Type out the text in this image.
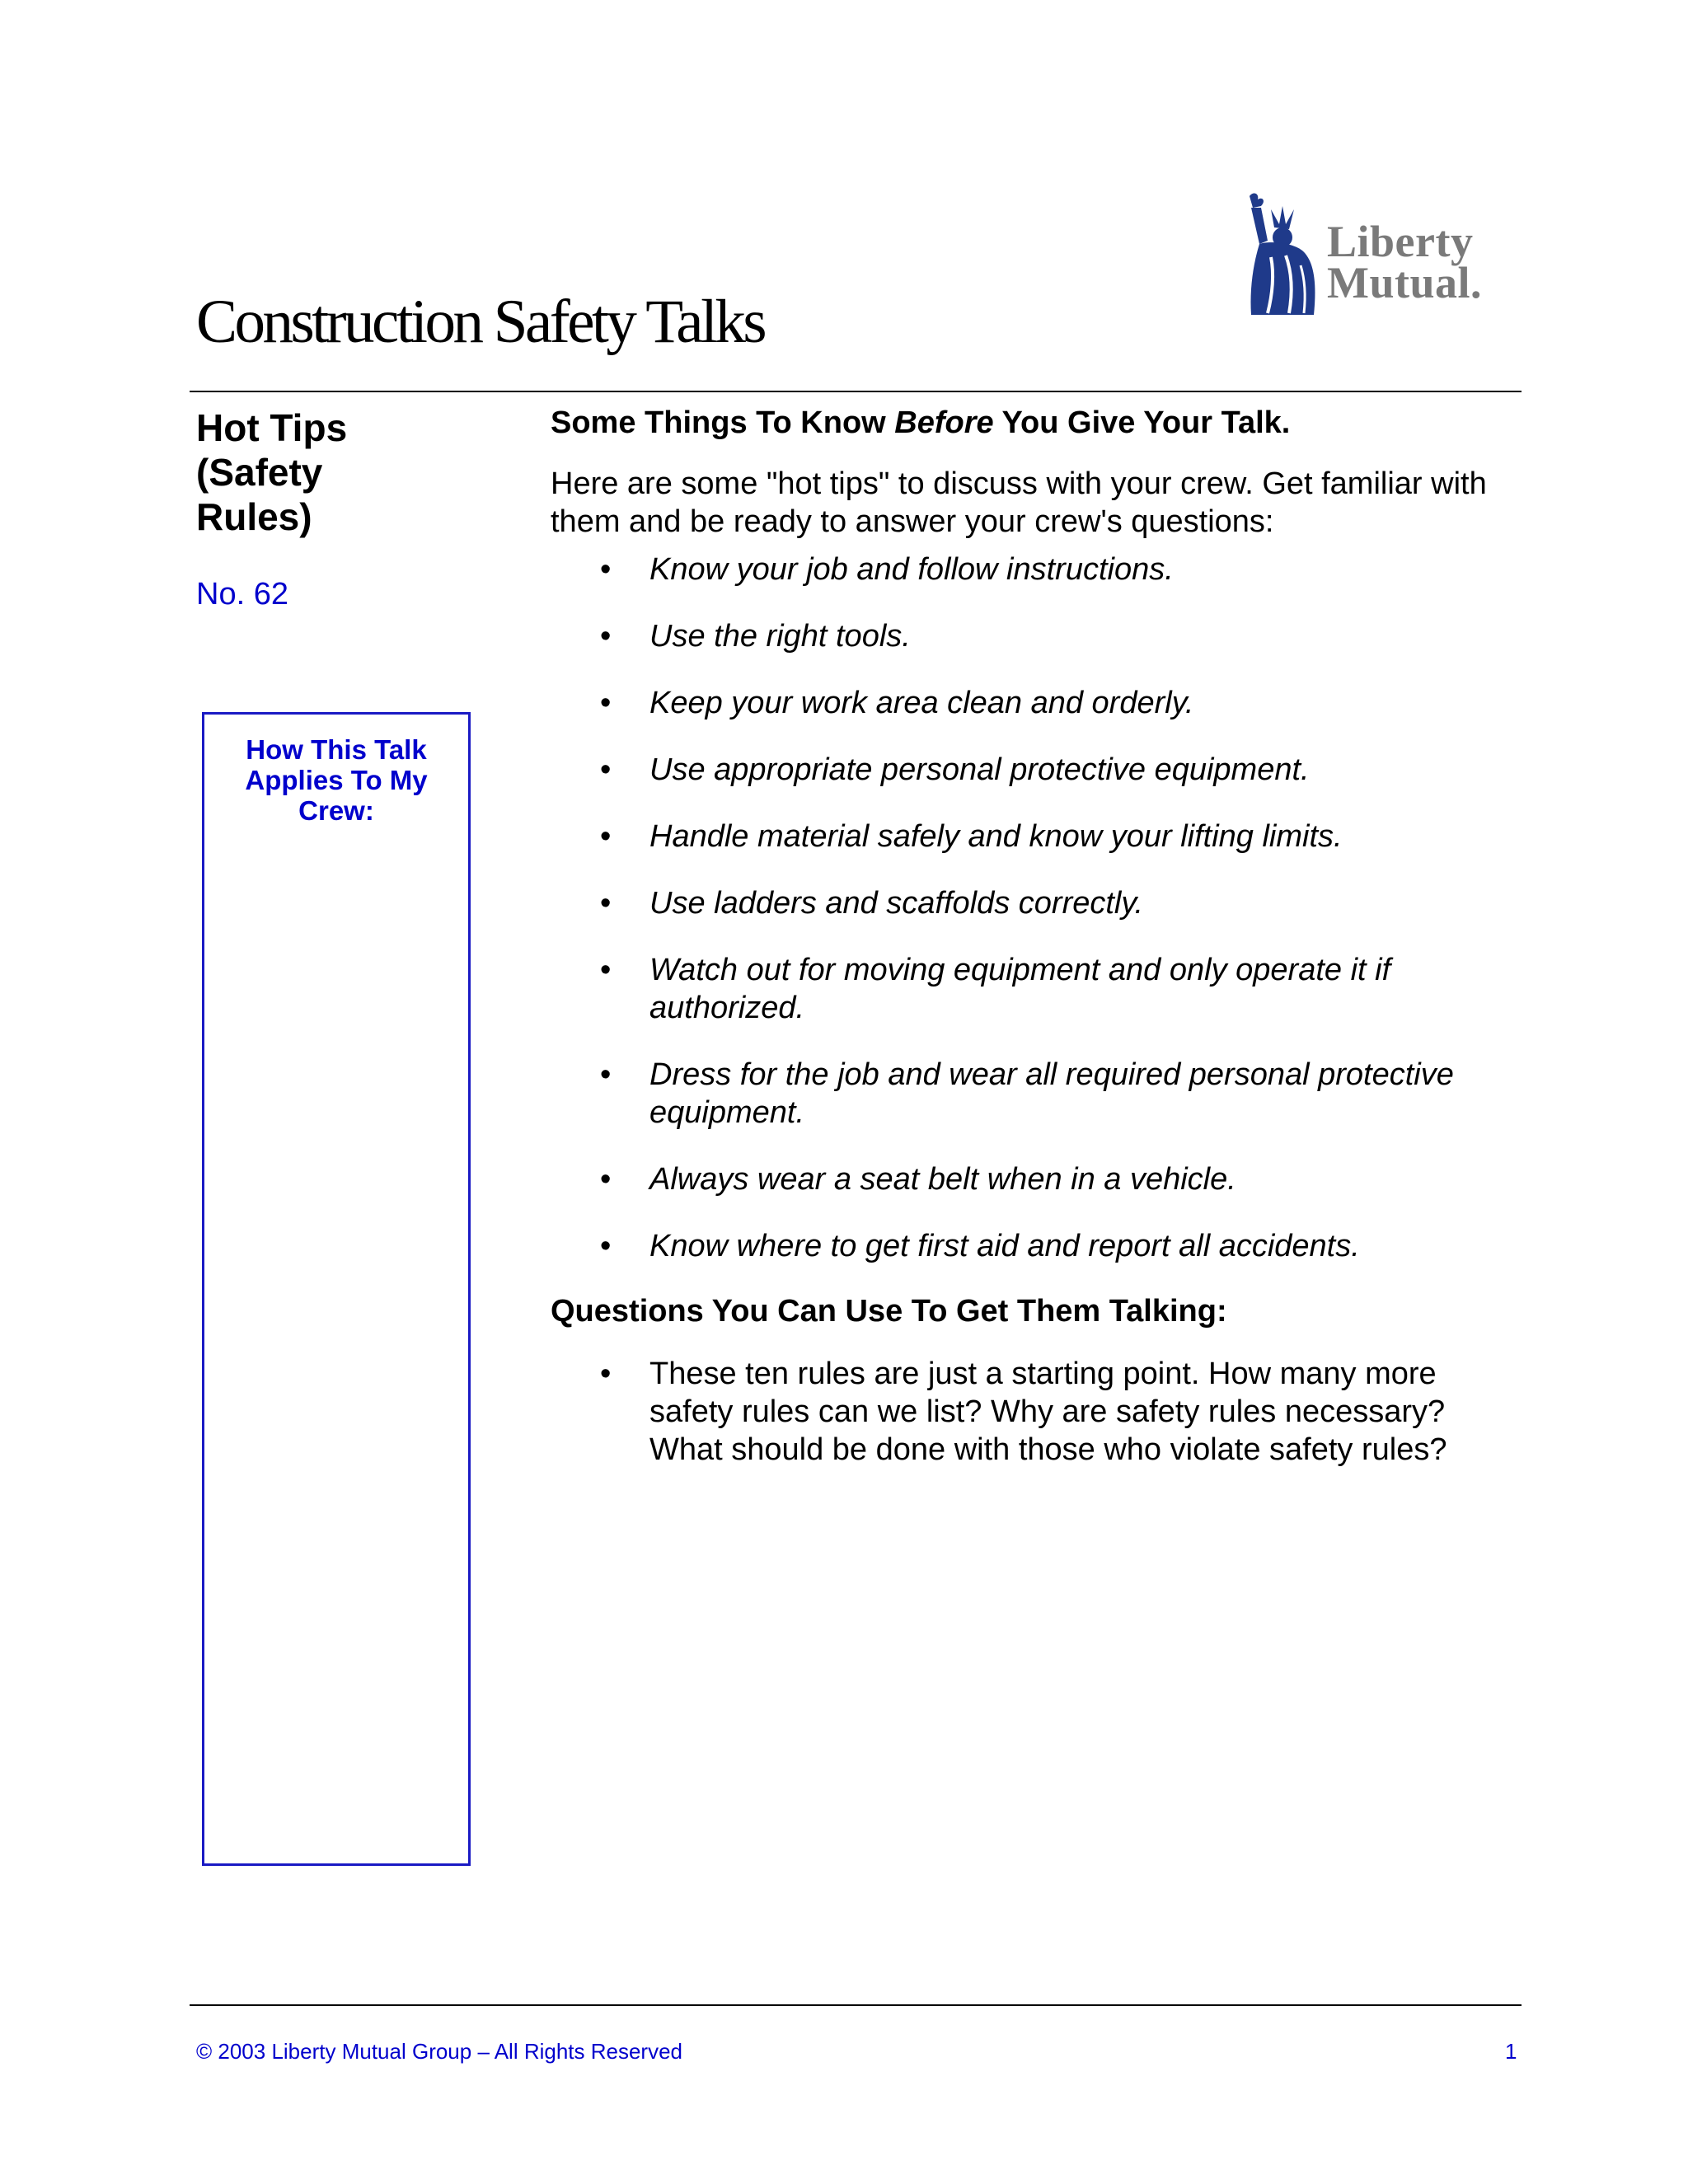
Liberty
Mutual.
Construction Safety Talks
Hot Tips
(Safety
Rules)
No. 62
How This Talk
Applies To My
Crew:

Some Things To Know Before You Give Your Talk.

Here are some "hot tips" to discuss with your crew. Get familiar with them and be ready to answer your crew's questions:

• Know your job and follow instructions.
• Use the right tools.
• Keep your work area clean and orderly.
• Use appropriate personal protective equipment.
• Handle material safely and know your lifting limits.
• Use ladders and scaffolds correctly.
• Watch out for moving equipment and only operate it if authorized.
• Dress for the job and wear all required personal protective equipment.
• Always wear a seat belt when in a vehicle.
• Know where to get first aid and report all accidents.

Questions You Can Use To Get Them Talking:

• These ten rules are just a starting point. How many more safety rules can we list? Why are safety rules necessary? What should be done with those who violate safety rules?
© 2003 Liberty Mutual Group – All Rights Reserved	1
